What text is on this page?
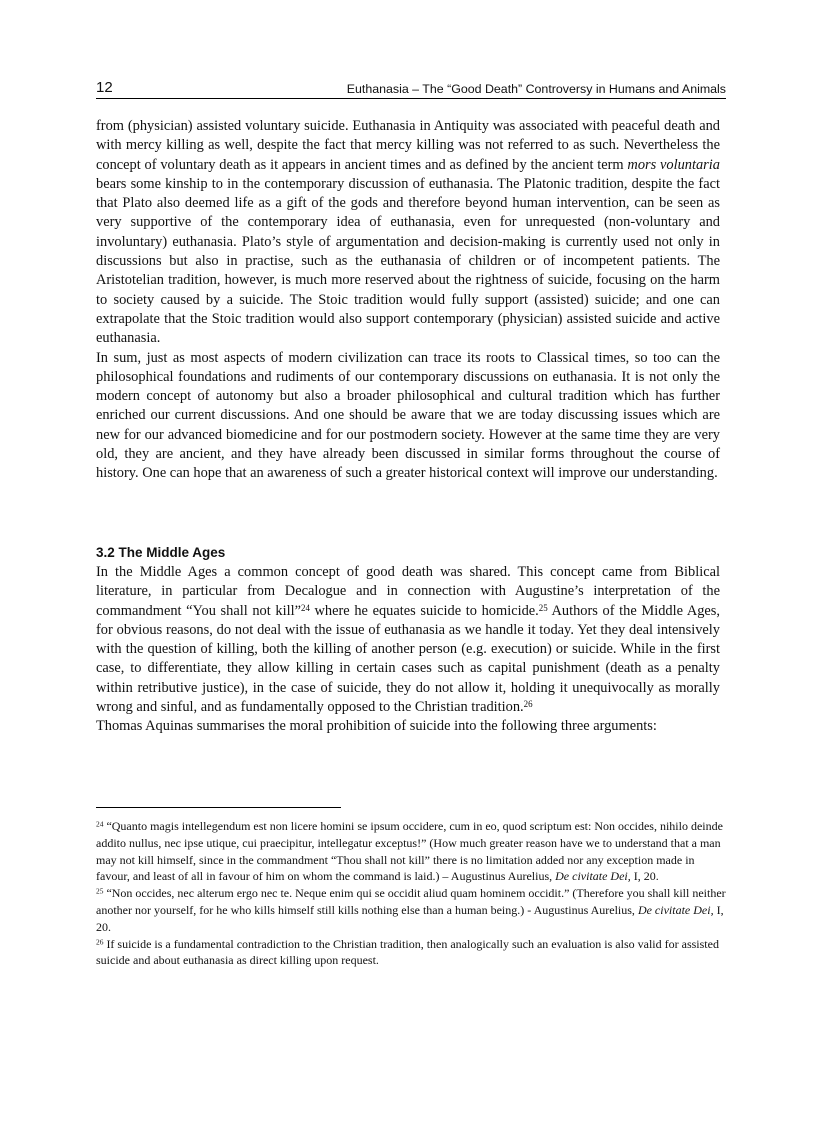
12	Euthanasia – The “Good Death” Controversy in Humans and Animals

from (physician) assisted voluntary suicide. Euthanasia in Antiquity was associated with peaceful death and with mercy killing as well, despite the fact that mercy killing was not referred to as such. Nevertheless the concept of voluntary death as it appears in ancient times and as defined by the ancient term mors voluntaria bears some kinship to in the contemporary discussion of euthanasia. The Platonic tradition, despite the fact that Plato also deemed life as a gift of the gods and therefore beyond human intervention, can be seen as very supportive of the contemporary idea of euthanasia, even for unrequested (non-voluntary and involuntary) euthanasia. Plato’s style of argumentation and decision-making is currently used not only in discussions but also in practise, such as the euthanasia of children or of incompetent patients. The Aristotelian tradition, however, is much more reserved about the rightness of suicide, focusing on the harm to society caused by a suicide. The Stoic tradition would fully support (assisted) suicide; and one can extrapolate that the Stoic tradition would also support contemporary (physician) assisted suicide and active euthanasia.

In sum, just as most aspects of modern civilization can trace its roots to Classical times, so too can the philosophical foundations and rudiments of our contemporary discussions on euthanasia. It is not only the modern concept of autonomy but also a broader philosophical and cultural tradition which has further enriched our current discussions. And one should be aware that we are today discussing issues which are new for our advanced biomedicine and for our postmodern society. However at the same time they are very old, they are ancient, and they have already been discussed in similar forms throughout the course of history. One can hope that an awareness of such a greater historical context will improve our understanding.

3.2 The Middle Ages

In the Middle Ages a common concept of good death was shared. This concept came from Biblical literature, in particular from Decalogue and in connection with Augustine’s interpretation of the commandment “You shall not kill”$^{24}$ where he equates suicide to homicide.$^{25}$ Authors of the Middle Ages, for obvious reasons, do not deal with the issue of euthanasia as we handle it today. Yet they deal intensively with the question of killing, both the killing of another person (e.g. execution) or suicide. While in the first case, to differentiate, they allow killing in certain cases such as capital punishment (death as a penalty within retributive justice), in the case of suicide, they do not allow it, holding it unequivocally as morally wrong and sinful, and as fundamentally opposed to the Christian tradition.$^{26}$

Thomas Aquinas summarises the moral prohibition of suicide into the following three arguments:

$^{24}$ “Quanto magis intellegendum est non licere homini se ipsum occidere, cum in eo, quod scriptum est: Non occides, nihilo deinde addito nullus, nec ipse utique, cui praecipitur, intellegatur exceptus!” (How much greater reason have we to understand that a man may not kill himself, since in the commandment “Thou shall not kill” there is no limitation added nor any exception made in favour, and least of all in favour of him on whom the command is laid.) – Augustinus Aurelius, De civitate Dei, I, 20.

$^{25}$ “Non occides, nec alterum ergo nec te. Neque enim qui se occidit aliud quam hominem occidit.” (Therefore you shall kill neither another nor yourself, for he who kills himself still kills nothing else than a human being.) - Augustinus Aurelius, De civitate Dei, I, 20.

$^{26}$ If suicide is a fundamental contradiction to the Christian tradition, then analogically such an evaluation is also valid for assisted suicide and about euthanasia as direct killing upon request.
